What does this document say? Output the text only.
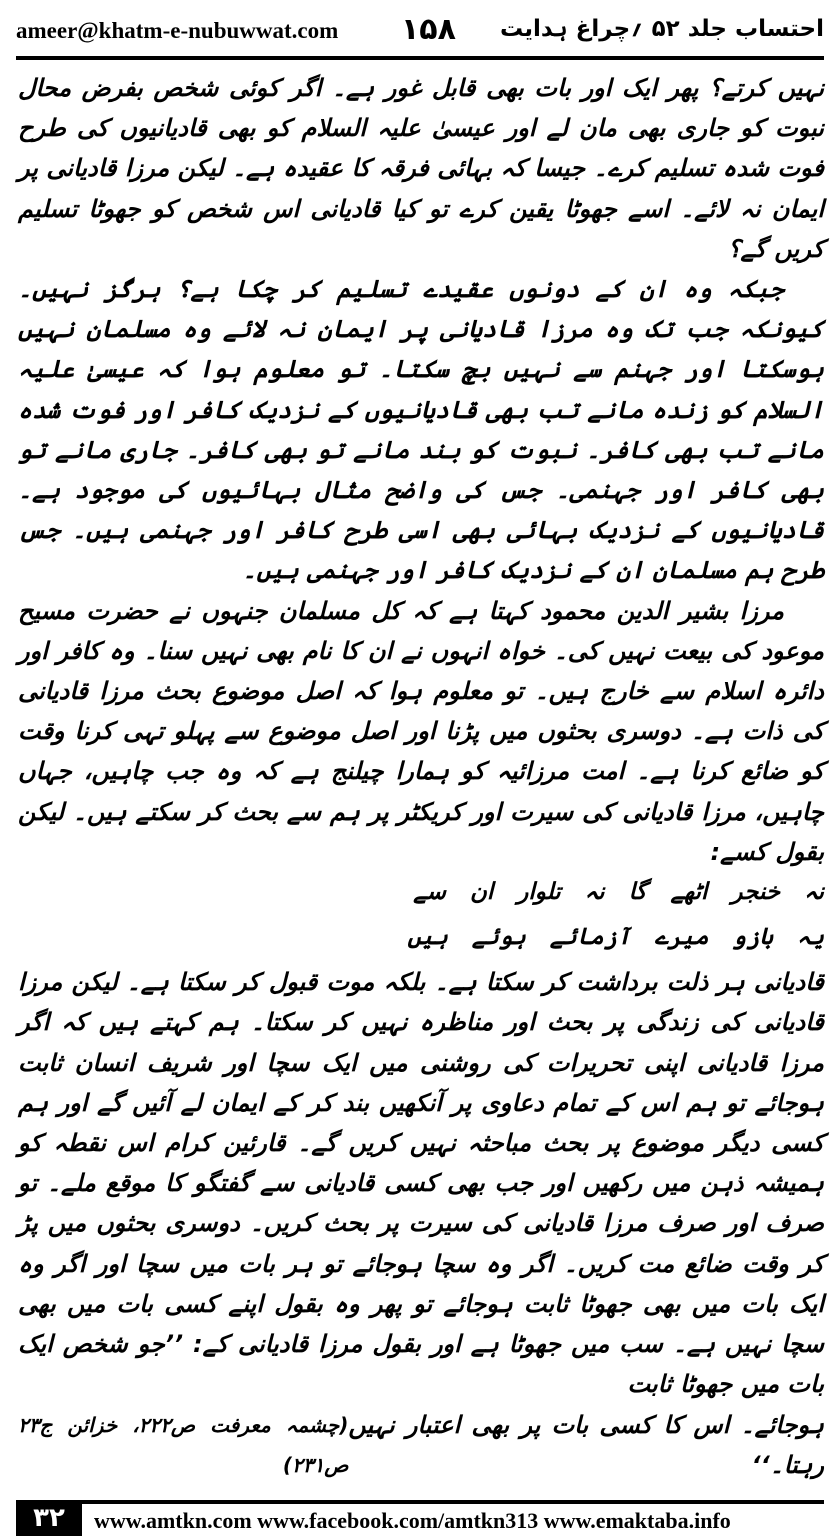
ameer@khatm-e-nubuwwat.com ۱۵۸ احتساب جلد ۵۲ ؍چراغ ہدایت

نہیں کرتے؟ پھر ایک اور بات بھی قابل غور ہے۔ اگر کوئی شخص بفرض محال نبوت کو جاری بھی مان لے اور عیسیٰ علیہ السلام کو بھی قادیانیوں کی طرح فوت شدہ تسلیم کرے۔ جیسا کہ بہائی فرقہ کا عقیدہ ہے۔ لیکن مرزا قادیانی پر ایمان نہ لائے۔ اسے جھوٹا یقین کرے تو کیا قادیانی اس شخص کو جھوٹا تسلیم کریں گے؟

جبکہ وہ ان کے دونوں عقیدے تسلیم کر چکا ہے؟ ہرگز نہیں۔ کیونکہ جب تک وہ مرزا قادیانی پر ایمان نہ لائے وہ مسلمان نہیں ہوسکتا اور جہنم سے نہیں بچ سکتا۔ تو معلوم ہوا کہ عیسیٰ علیہ السلام کو زندہ مانے تب بھی قادیانیوں کے نزدیک کافر اور فوت شدہ مانے تب بھی کافر۔ نبوت کو بند مانے تو بھی کافر۔ جاری مانے تو بھی کافر اور جہنمی۔ جس کی واضح مثال بہائیوں کی موجود ہے۔ قادیانیوں کے نزدیک بہائی بھی اسی طرح کافر اور جہنمی ہیں۔ جس طرح ہم مسلمان ان کے نزدیک کافر اور جہنمی ہیں۔

مرزا بشیر الدین محمود کہتا ہے کہ کل مسلمان جنہوں نے حضرت مسیح موعود کی بیعت نہیں کی۔ خواہ انہوں نے ان کا نام بھی نہیں سنا۔ وہ کافر اور دائرہ اسلام سے خارج ہیں۔ تو معلوم ہوا کہ اصل موضوع بحث مرزا قادیانی کی ذات ہے۔ دوسری بحثوں میں پڑنا اور اصل موضوع سے پہلو تہی کرنا وقت کو ضائع کرنا ہے۔ امت مرزائیہ کو ہمارا چیلنج ہے کہ وہ جب چاہیں، جہاں چاہیں، مرزا قادیانی کی سیرت اور کریکٹر پر ہم سے بحث کر سکتے ہیں۔ لیکن بقول کسے:

نہ خنجر اٹھے گا نہ تلوار ان سے

یہ بازو میرے آزمائے ہوئے ہیں

قادیانی ہر ذلت برداشت کر سکتا ہے۔ بلکہ موت قبول کر سکتا ہے۔ لیکن مرزا قادیانی کی زندگی پر بحث اور مناظرہ نہیں کر سکتا۔ ہم کہتے ہیں کہ اگر مرزا قادیانی اپنی تحریرات کی روشنی میں ایک سچا اور شریف انسان ثابت ہوجائے تو ہم اس کے تمام دعاوی پر آنکھیں بند کر کے ایمان لے آئیں گے اور ہم کسی دیگر موضوع پر بحث مباحثہ نہیں کریں گے۔ قارئین کرام اس نقطہ کو ہمیشہ ذہن میں رکھیں اور جب بھی کسی قادیانی سے گفتگو کا موقع ملے۔ تو صرف اور صرف مرزا قادیانی کی سیرت پر بحث کریں۔ دوسری بحثوں میں پڑ کر وقت ضائع مت کریں۔ اگر وہ سچا ہوجائے تو ہر بات میں سچا اور اگر وہ ایک بات میں بھی جھوٹا ثابت ہوجائے تو پھر وہ بقول اپنے کسی بات میں بھی سچا نہیں ہے۔ سب میں جھوٹا ہے اور بقول مرزا قادیانی کے: ’’جو شخص ایک بات میں جھوٹا ثابت

ہوجائے۔ اس کا کسی بات پر بھی اعتبار نہیں رہتا۔‘‘
(چشمہ معرفت ص۲۲۲، خزائن ج۲۳ ص۲۳۱)
۳۲	www.amtkn.com www.facebook.com/amtkn313 www.emaktaba.info
